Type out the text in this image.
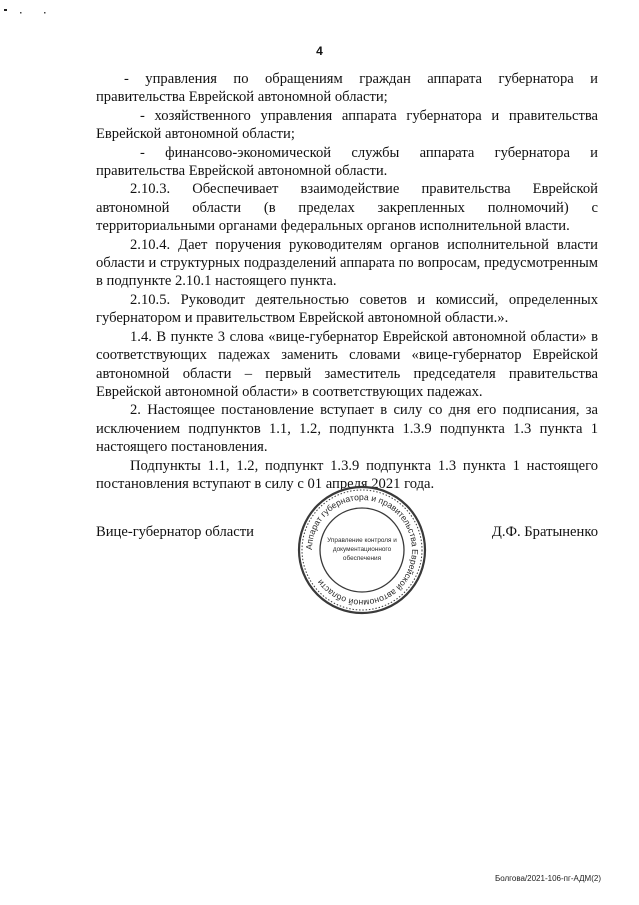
4

- управления по обращениям граждан аппарата губернатора и правительства Еврейской автономной области;

- хозяйственного управления аппарата губернатора и правительства Еврейской автономной области;

- финансово-экономической службы аппарата губернатора и правительства Еврейской автономной области.

2.10.3. Обеспечивает взаимодействие правительства Еврейской автономной области (в пределах закрепленных полномочий) с территориальными органами федеральных органов исполнительной власти.

2.10.4. Дает поручения руководителям органов исполнительной власти области и структурных подразделений аппарата по вопросам, предусмотренным в подпункте 2.10.1 настоящего пункта.

2.10.5. Руководит деятельностью советов и комиссий, определенных губернатором и правительством Еврейской автономной области.».

1.4. В пункте 3 слова «вице-губернатор Еврейской автономной области» в соответствующих падежах заменить словами «вице-губернатор Еврейской автономной области – первый заместитель председателя правительства Еврейской автономной области» в соответствующих падежах.

2. Настоящее постановление вступает в силу со дня его подписания, за исключением подпунктов 1.1, 1.2, подпункта 1.3.9 подпункта 1.3 пункта 1 настоящего постановления.

Подпункты 1.1, 1.2, подпункт 1.3.9 подпункта 1.3 пункта 1 настоящего постановления вступают в силу с 01 апреля 2021 года.

Вице-губернатор области
Аппарат губернатора и правительства Еврейской автономной области
Управление контроля и
документационного
обеспечения
Д.Ф. Братыненко
Болгова/2021-106-пг-АДМ(2)
